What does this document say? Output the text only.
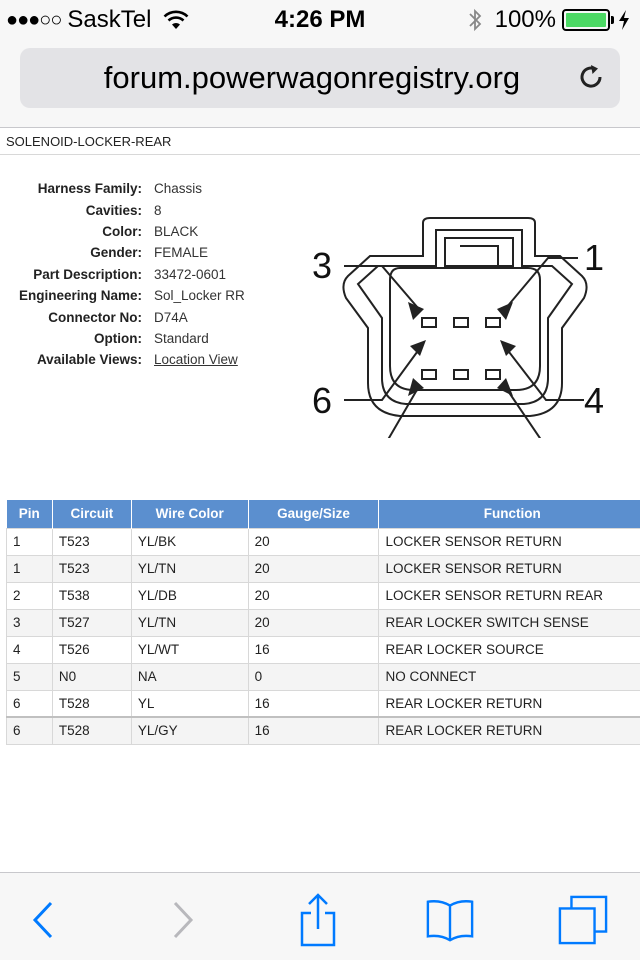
●●●○○ SaskTel	4:26 PM	100%
forum.powerwagonregistry.org
SOLENOID-LOCKER-REAR
Harness Family: Chassis
Cavities: 8
Color: BLACK
Gender: FEMALE
Part Description: 33472-0601
Engineering Name: Sol_Locker RR
Connector No: D74A
Option: Standard
Available Views: Location View
3	1
6	4
Pin	Circuit	Wire Color	Gauge/Size	Function
1	T523	YL/BK	20	LOCKER SENSOR RETURN
1	T523	YL/TN	20	LOCKER SENSOR RETURN
2	T538	YL/DB	20	LOCKER SENSOR RETURN REAR
3	T527	YL/TN	20	REAR LOCKER SWITCH SENSE
4	T526	YL/WT	16	REAR LOCKER SOURCE
5	N0	NA	0	NO CONNECT
6	T528	YL	16	REAR LOCKER RETURN
6	T528	YL/GY	16	REAR LOCKER RETURN
